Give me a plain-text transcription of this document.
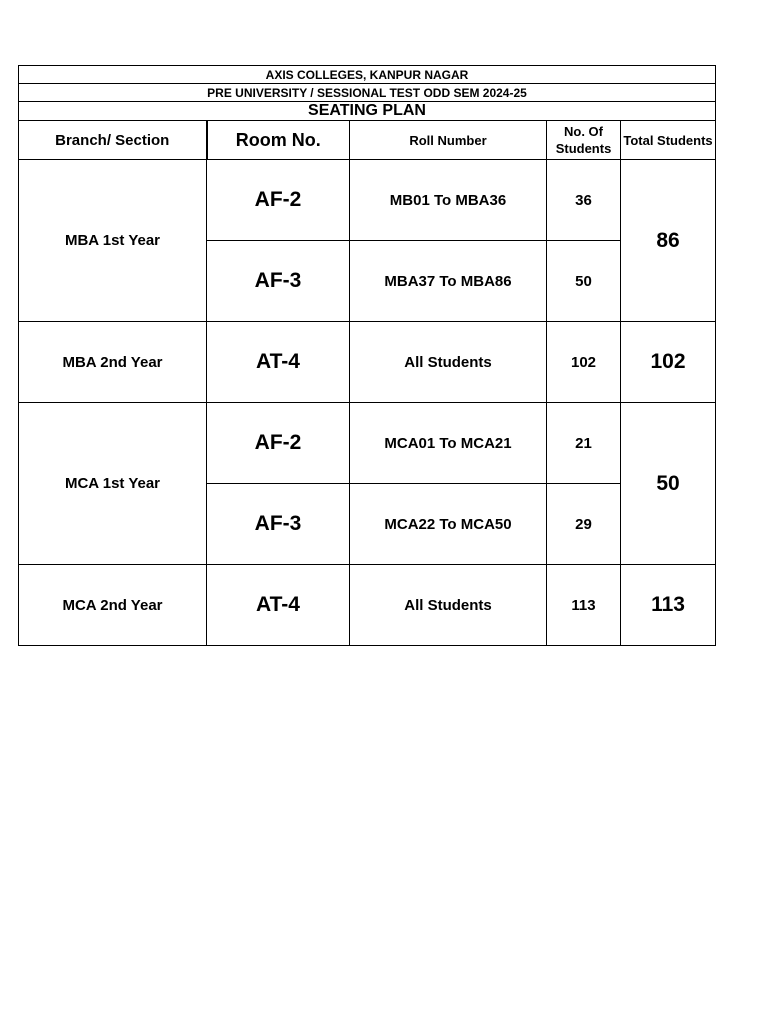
AXIS COLLEGES, KANPUR NAGAR				
PRE UNIVERSITY / SESSIONAL TEST ODD SEM 2024-25				
SEATING PLAN				
Branch/ Section	Room No.	Roll Number	No. Of Students	Total Students
MBA 1st Year	AF-2	MB01 To MBA36	36	86
	AF-3	MBA37 To MBA86	50	
MBA 2nd Year	AT-4	All Students	102	102
MCA 1st Year	AF-2	MCA01 To MCA21	21	50
	AF-3	MCA22 To MCA50	29	
MCA 2nd Year	AT-4	All Students	113	113
